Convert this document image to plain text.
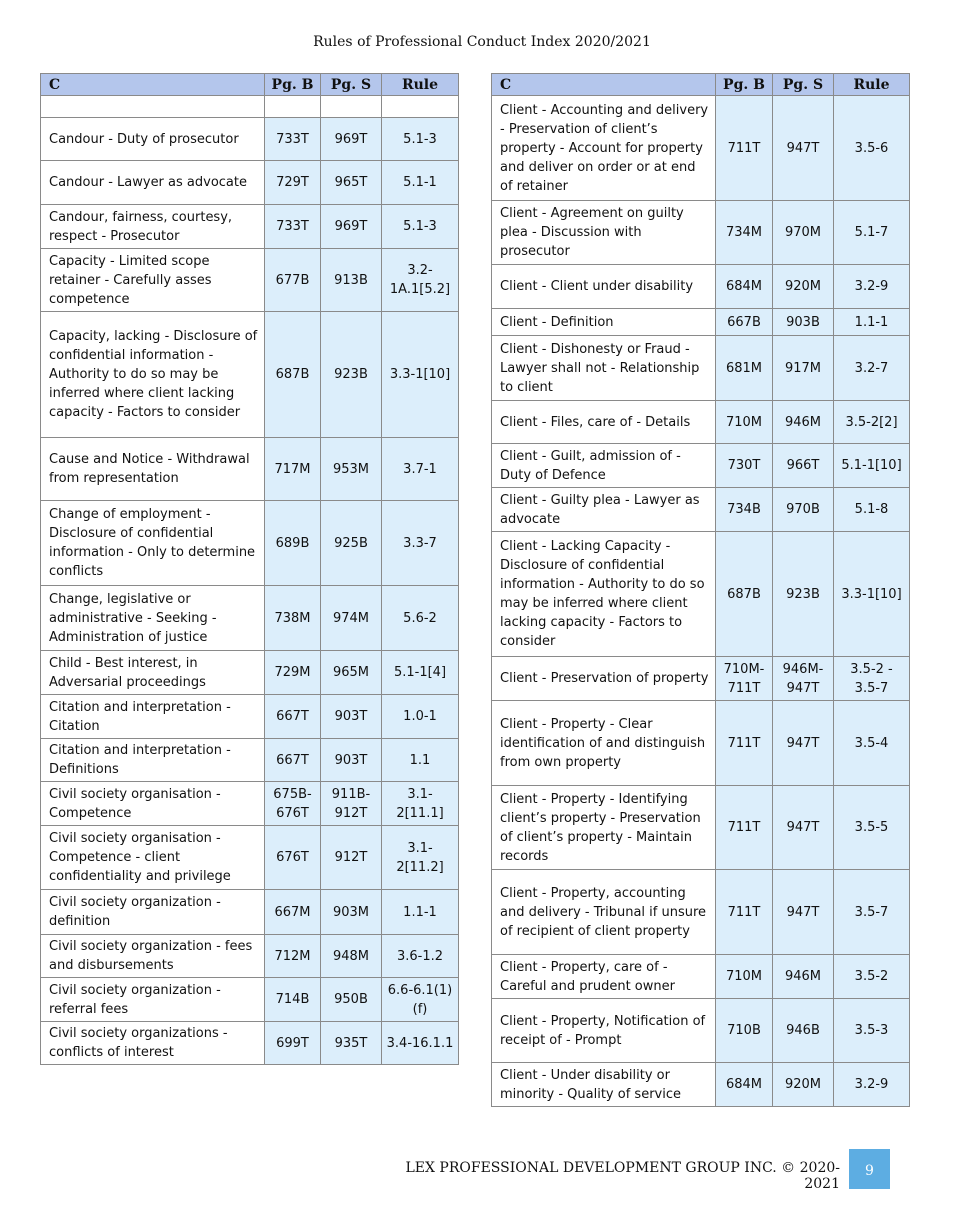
Rules of Professional Conduct Index 2020/2021
C	Pg. B	Pg. S	Rule

Candour - Duty of prosecutor	733T	969T	5.1-3
Candour - Lawyer as advocate	729T	965T	5.1-1
Candour, fairness, courtesy, respect - Prosecutor	733T	969T	5.1-3
Capacity - Limited scope retainer - Carefully asses competence	677B	913B	3.2-1A.1[5.2]
Capacity, lacking - Disclosure of confidential information - Authority to do so may be inferred where client lacking capacity - Factors to consider	687B	923B	3.3-1[10]
Cause and Notice - Withdrawal from representation	717M	953M	3.7-1
Change of employment - Disclosure of confidential information - Only to determine conflicts	689B	925B	3.3-7
Change, legislative or administrative - Seeking - Administration of justice	738M	974M	5.6-2
Child - Best interest, in Adversarial proceedings	729M	965M	5.1-1[4]
Citation and interpretation - Citation	667T	903T	1.0-1
Citation and interpretation - Definitions	667T	903T	1.1
Civil society organisation - Competence	675B-676T	911B-912T	3.1-2[11.1]
Civil society organisation - Competence - client confidentiality and privilege	676T	912T	3.1-2[11.2]
Civil society organization - definition	667M	903M	1.1-1
Civil society organization - fees and disbursements	712M	948M	3.6-1.2
Civil society organization - referral fees	714B	950B	6.6-6.1(1)(f)
Civil society organizations - conflicts of interest	699T	935T	3.4-16.1.1
C	Pg. B	Pg. S	Rule
Client - Accounting and delivery - Preservation of client’s property - Account for property and deliver on order or at end of retainer	711T	947T	3.5-6
Client - Agreement on guilty plea - Discussion with prosecutor	734M	970M	5.1-7
Client - Client under disability	684M	920M	3.2-9
Client - Definition	667B	903B	1.1-1
Client - Dishonesty or Fraud - Lawyer shall not - Relationship to client	681M	917M	3.2-7
Client - Files, care of - Details	710M	946M	3.5-2[2]
Client - Guilt, admission of - Duty of Defence	730T	966T	5.1-1[10]
Client - Guilty plea - Lawyer as advocate	734B	970B	5.1-8
Client - Lacking Capacity - Disclosure of confidential information - Authority to do so may be inferred where client lacking capacity - Factors to consider	687B	923B	3.3-1[10]
Client - Preservation of property	710M-711T	946M-947T	3.5-2 - 3.5-7
Client - Property - Clear identification of and distinguish from own property	711T	947T	3.5-4
Client - Property - Identifying client’s property - Preservation of client’s property - Maintain records	711T	947T	3.5-5
Client - Property, accounting and delivery - Tribunal if unsure of recipient of client property	711T	947T	3.5-7
Client - Property, care of - Careful and prudent owner	710M	946M	3.5-2
Client - Property, Notification of receipt of - Prompt	710B	946B	3.5-3
Client - Under disability or minority - Quality of service	684M	920M	3.2-9
LEX PROFESSIONAL DEVELOPMENT GROUP INC. © 2020-2021
9
